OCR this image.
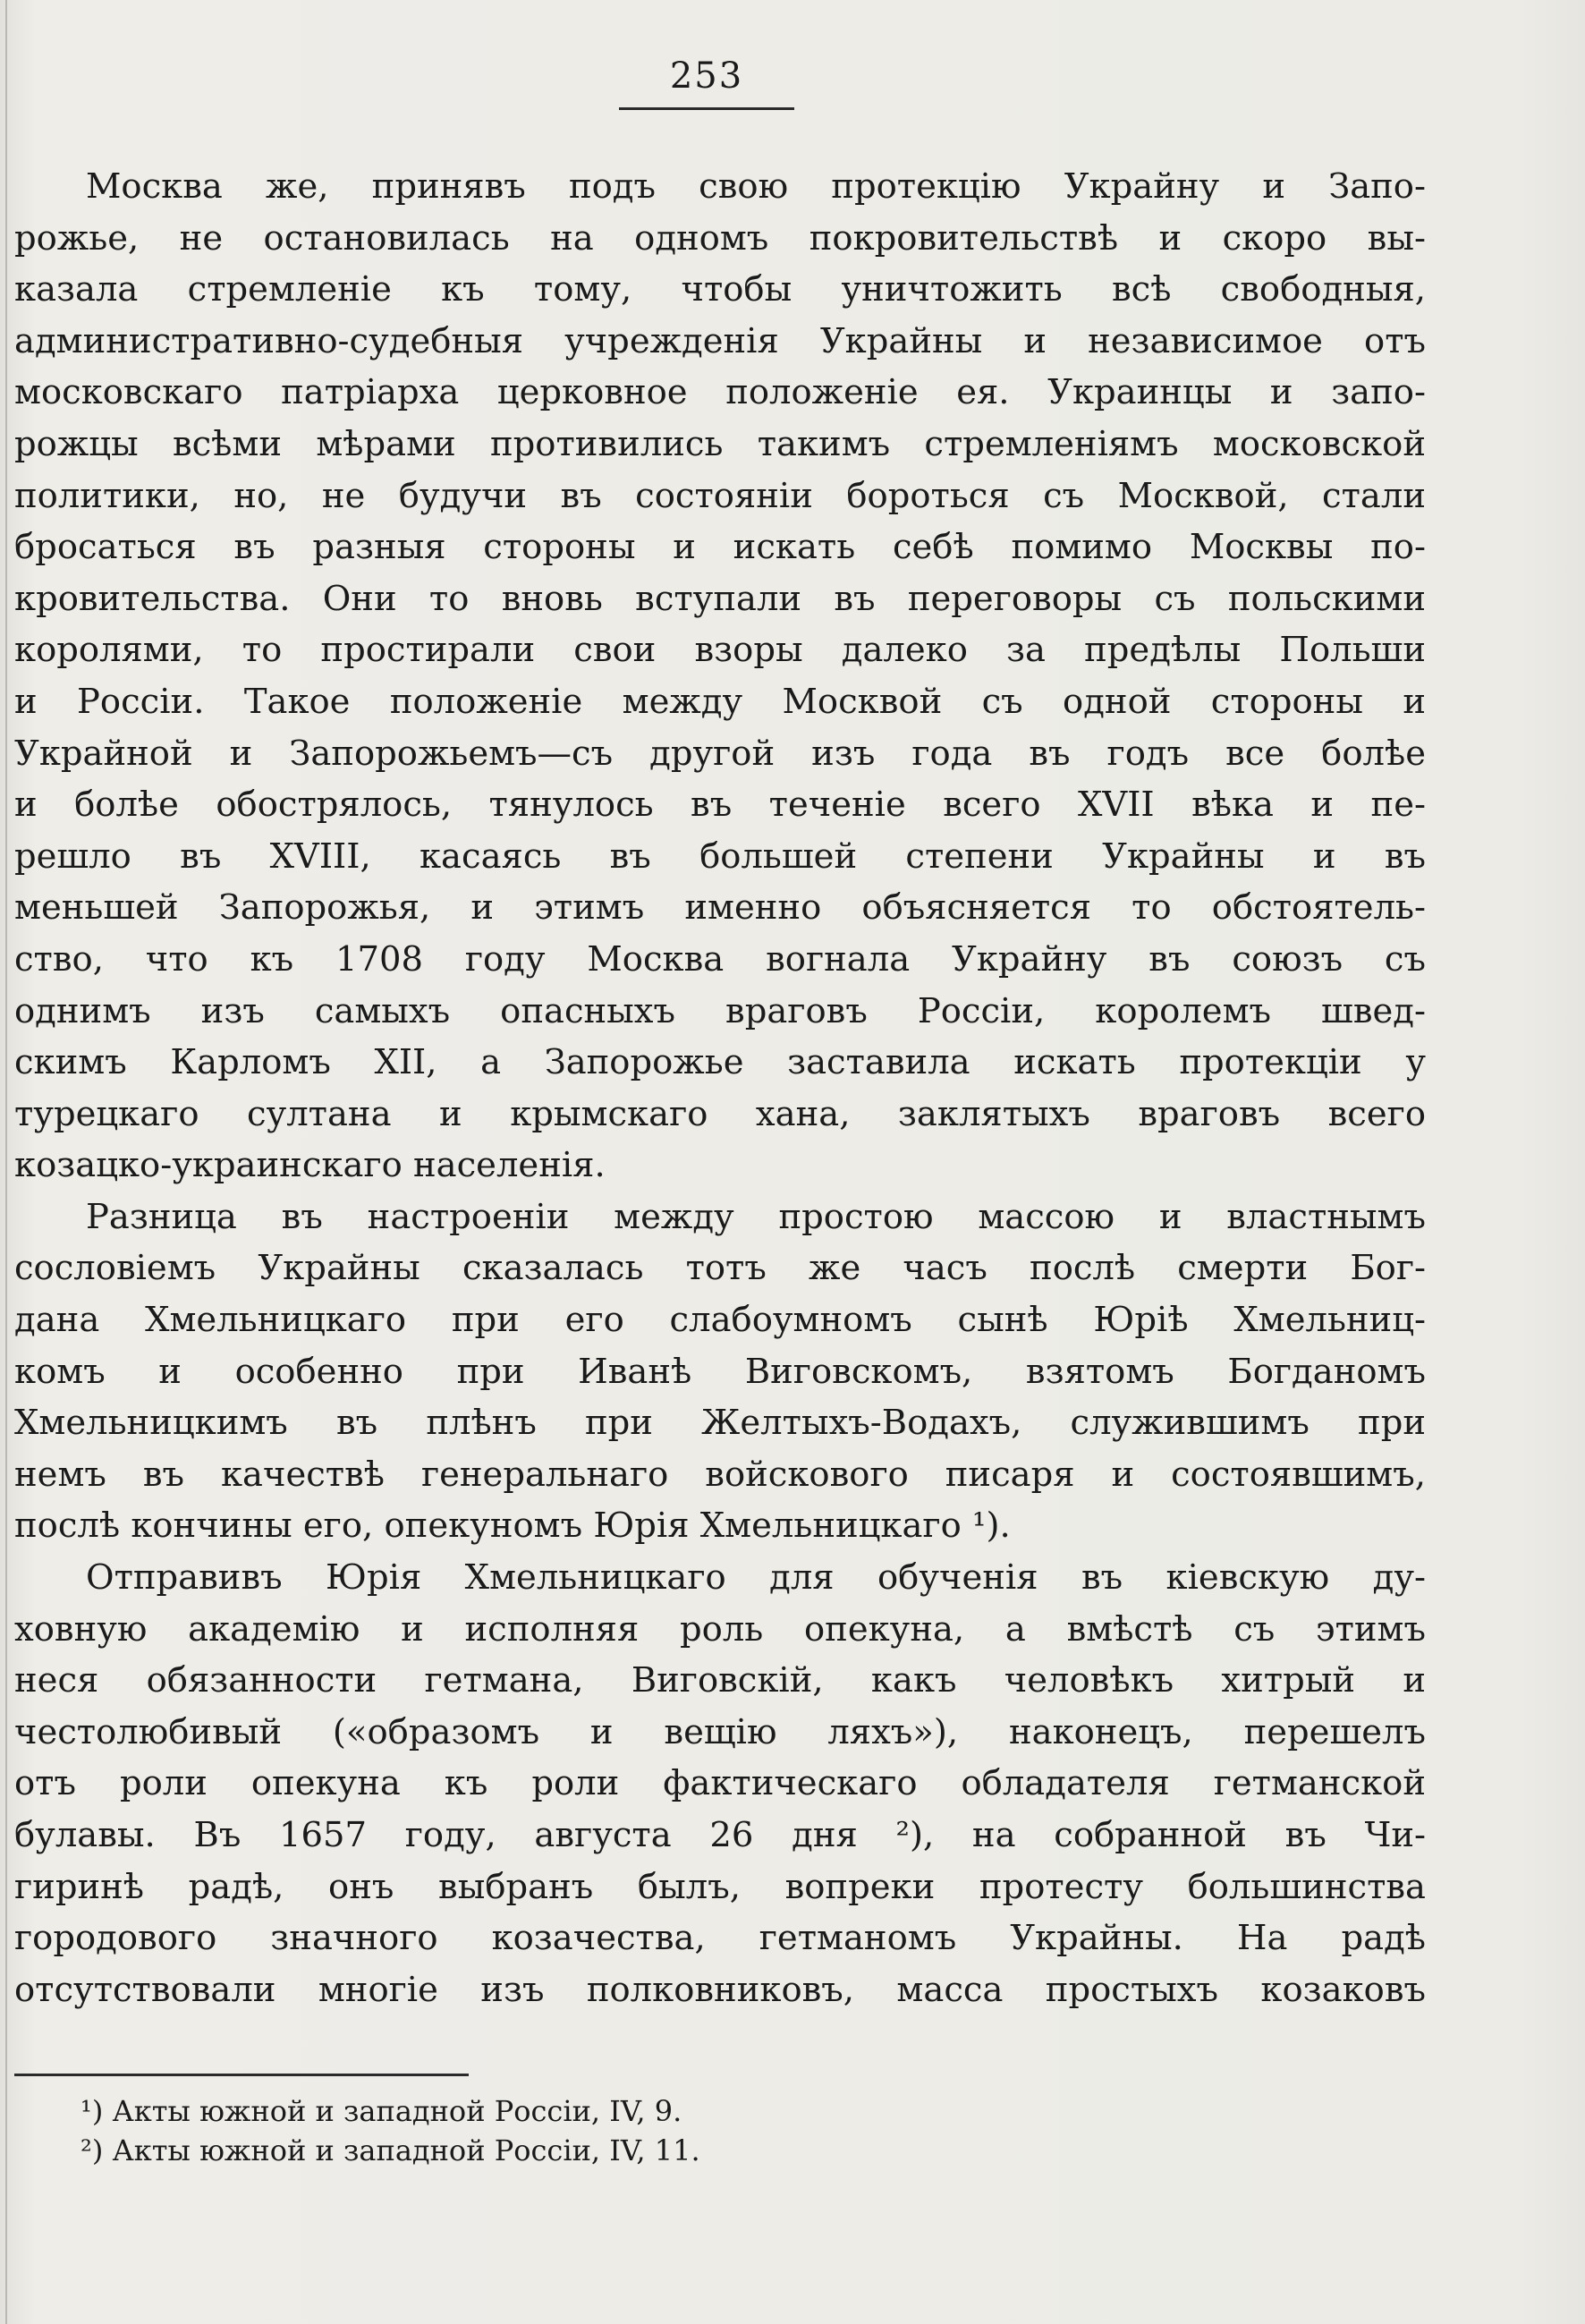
253
Москва же, принявъ подъ свою протекцію Украйну и Запо-
рожье, не остановилась на одномъ покровительствѣ и скоро вы-
казала стремленіе къ тому, чтобы уничтожить всѣ свободныя,
административно-судебныя учрежденія Украйны и независимое отъ
московскаго патріарха церковное положеніе ея. Украинцы и запо-
рожцы всѣми мѣрами противились такимъ стремленіямъ московской
политики, но, не будучи въ состояніи бороться съ Москвой, стали
бросаться въ разныя стороны и искать себѣ помимо Москвы по-
кровительства. Они то вновь вступали въ переговоры съ польскими
королями, то простирали свои взоры далеко за предѣлы Польши
и Россіи. Такое положеніе между Москвой съ одной стороны и
Украйной и Запорожьемъ—съ другой изъ года въ годъ все болѣе
и болѣе обострялось, тянулось въ теченіе всего XVII вѣка и пе-
решло въ XVIII, касаясь въ большей степени Украйны и въ
меньшей Запорожья, и этимъ именно объясняется то обстоятель-
ство, что къ 1708 году Москва вогнала Украйну въ союзъ съ
однимъ изъ самыхъ опасныхъ враговъ Россіи, королемъ швед-
скимъ Карломъ XII, а Запорожье заставила искать протекціи у
турецкаго султана и крымскаго хана, заклятыхъ враговъ всего
козацко-украинскаго населенія.
Разница въ настроеніи между простою массою и властнымъ
сословіемъ Украйны сказалась тотъ же часъ послѣ смерти Бог-
дана Хмельницкаго при его слабоумномъ сынѣ Юріѣ Хмельниц-
комъ и особенно при Иванѣ Виговскомъ, взятомъ Богданомъ
Хмельницкимъ въ плѣнъ при Желтыхъ-Водахъ, служившимъ при
немъ въ качествѣ генеральнаго войскового писаря и состоявшимъ,
послѣ кончины его, опекуномъ Юрія Хмельницкаго ¹).
Отправивъ Юрія Хмельницкаго для обученія въ кіевскую ду-
ховную академію и исполняя роль опекуна, а вмѣстѣ съ этимъ
неся обязанности гетмана, Виговскій, какъ человѣкъ хитрый и
честолюбивый («образомъ и вещію ляхъ»), наконецъ, перешелъ
отъ роли опекуна къ роли фактическаго обладателя гетманской
булавы. Въ 1657 году, августа 26 дня ²), на собранной въ Чи-
гиринѣ радѣ, онъ выбранъ былъ, вопреки протесту большинства
городового значного козачества, гетманомъ Украйны. На радѣ
отсутствовали многіе изъ полковниковъ, масса простыхъ козаковъ
¹) Акты южной и западной Россіи, IV, 9.
²) Акты южной и западной Россіи, IV, 11.
